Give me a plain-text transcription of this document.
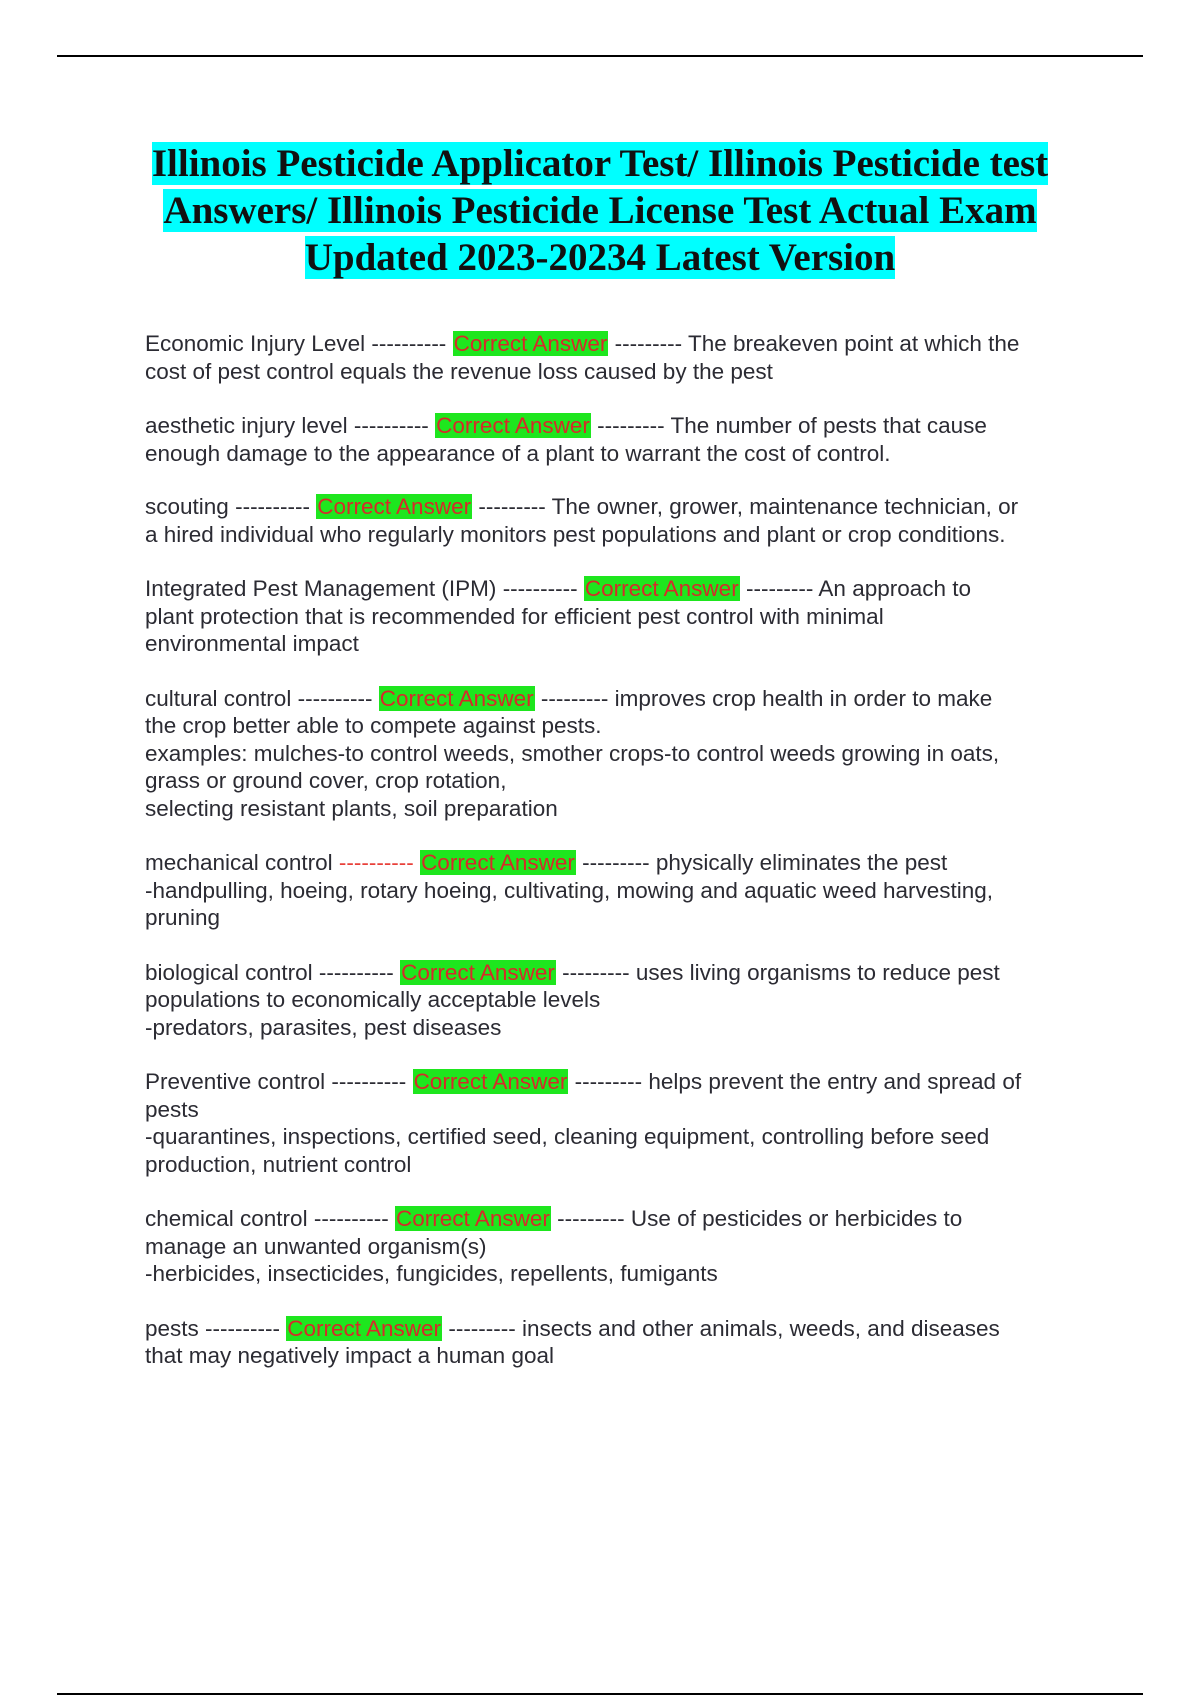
Illinois Pesticide Applicator Test/ Illinois Pesticide test
Answers/ Illinois Pesticide License Test Actual Exam
Updated 2023-20234 Latest Version
Economic Injury Level ---------- Correct Answer --------- The breakeven point at which the
cost of pest control equals the revenue loss caused by the pest
aesthetic injury level ---------- Correct Answer --------- The number of pests that cause
enough damage to the appearance of a plant to warrant the cost of control.
scouting ---------- Correct Answer --------- The owner, grower, maintenance technician, or
a hired individual who regularly monitors pest populations and plant or crop conditions.
Integrated Pest Management (IPM) ---------- Correct Answer --------- An approach to
plant protection that is recommended for efficient pest control with minimal
environmental impact
cultural control ---------- Correct Answer --------- improves crop health in order to make
the crop better able to compete against pests.
examples: mulches-to control weeds, smother crops-to control weeds growing in oats,
grass or ground cover, crop rotation,
selecting resistant plants, soil preparation
mechanical control ---------- Correct Answer --------- physically eliminates the pest
-handpulling, hoeing, rotary hoeing, cultivating, mowing and aquatic weed harvesting,
pruning
biological control ---------- Correct Answer --------- uses living organisms to reduce pest
populations to economically acceptable levels
-predators, parasites, pest diseases
Preventive control ---------- Correct Answer --------- helps prevent the entry and spread of
pests
-quarantines, inspections, certified seed, cleaning equipment, controlling before seed
production, nutrient control
chemical control ---------- Correct Answer --------- Use of pesticides or herbicides to
manage an unwanted organism(s)
-herbicides, insecticides, fungicides, repellents, fumigants
pests ---------- Correct Answer --------- insects and other animals, weeds, and diseases
that may negatively impact a human goal
